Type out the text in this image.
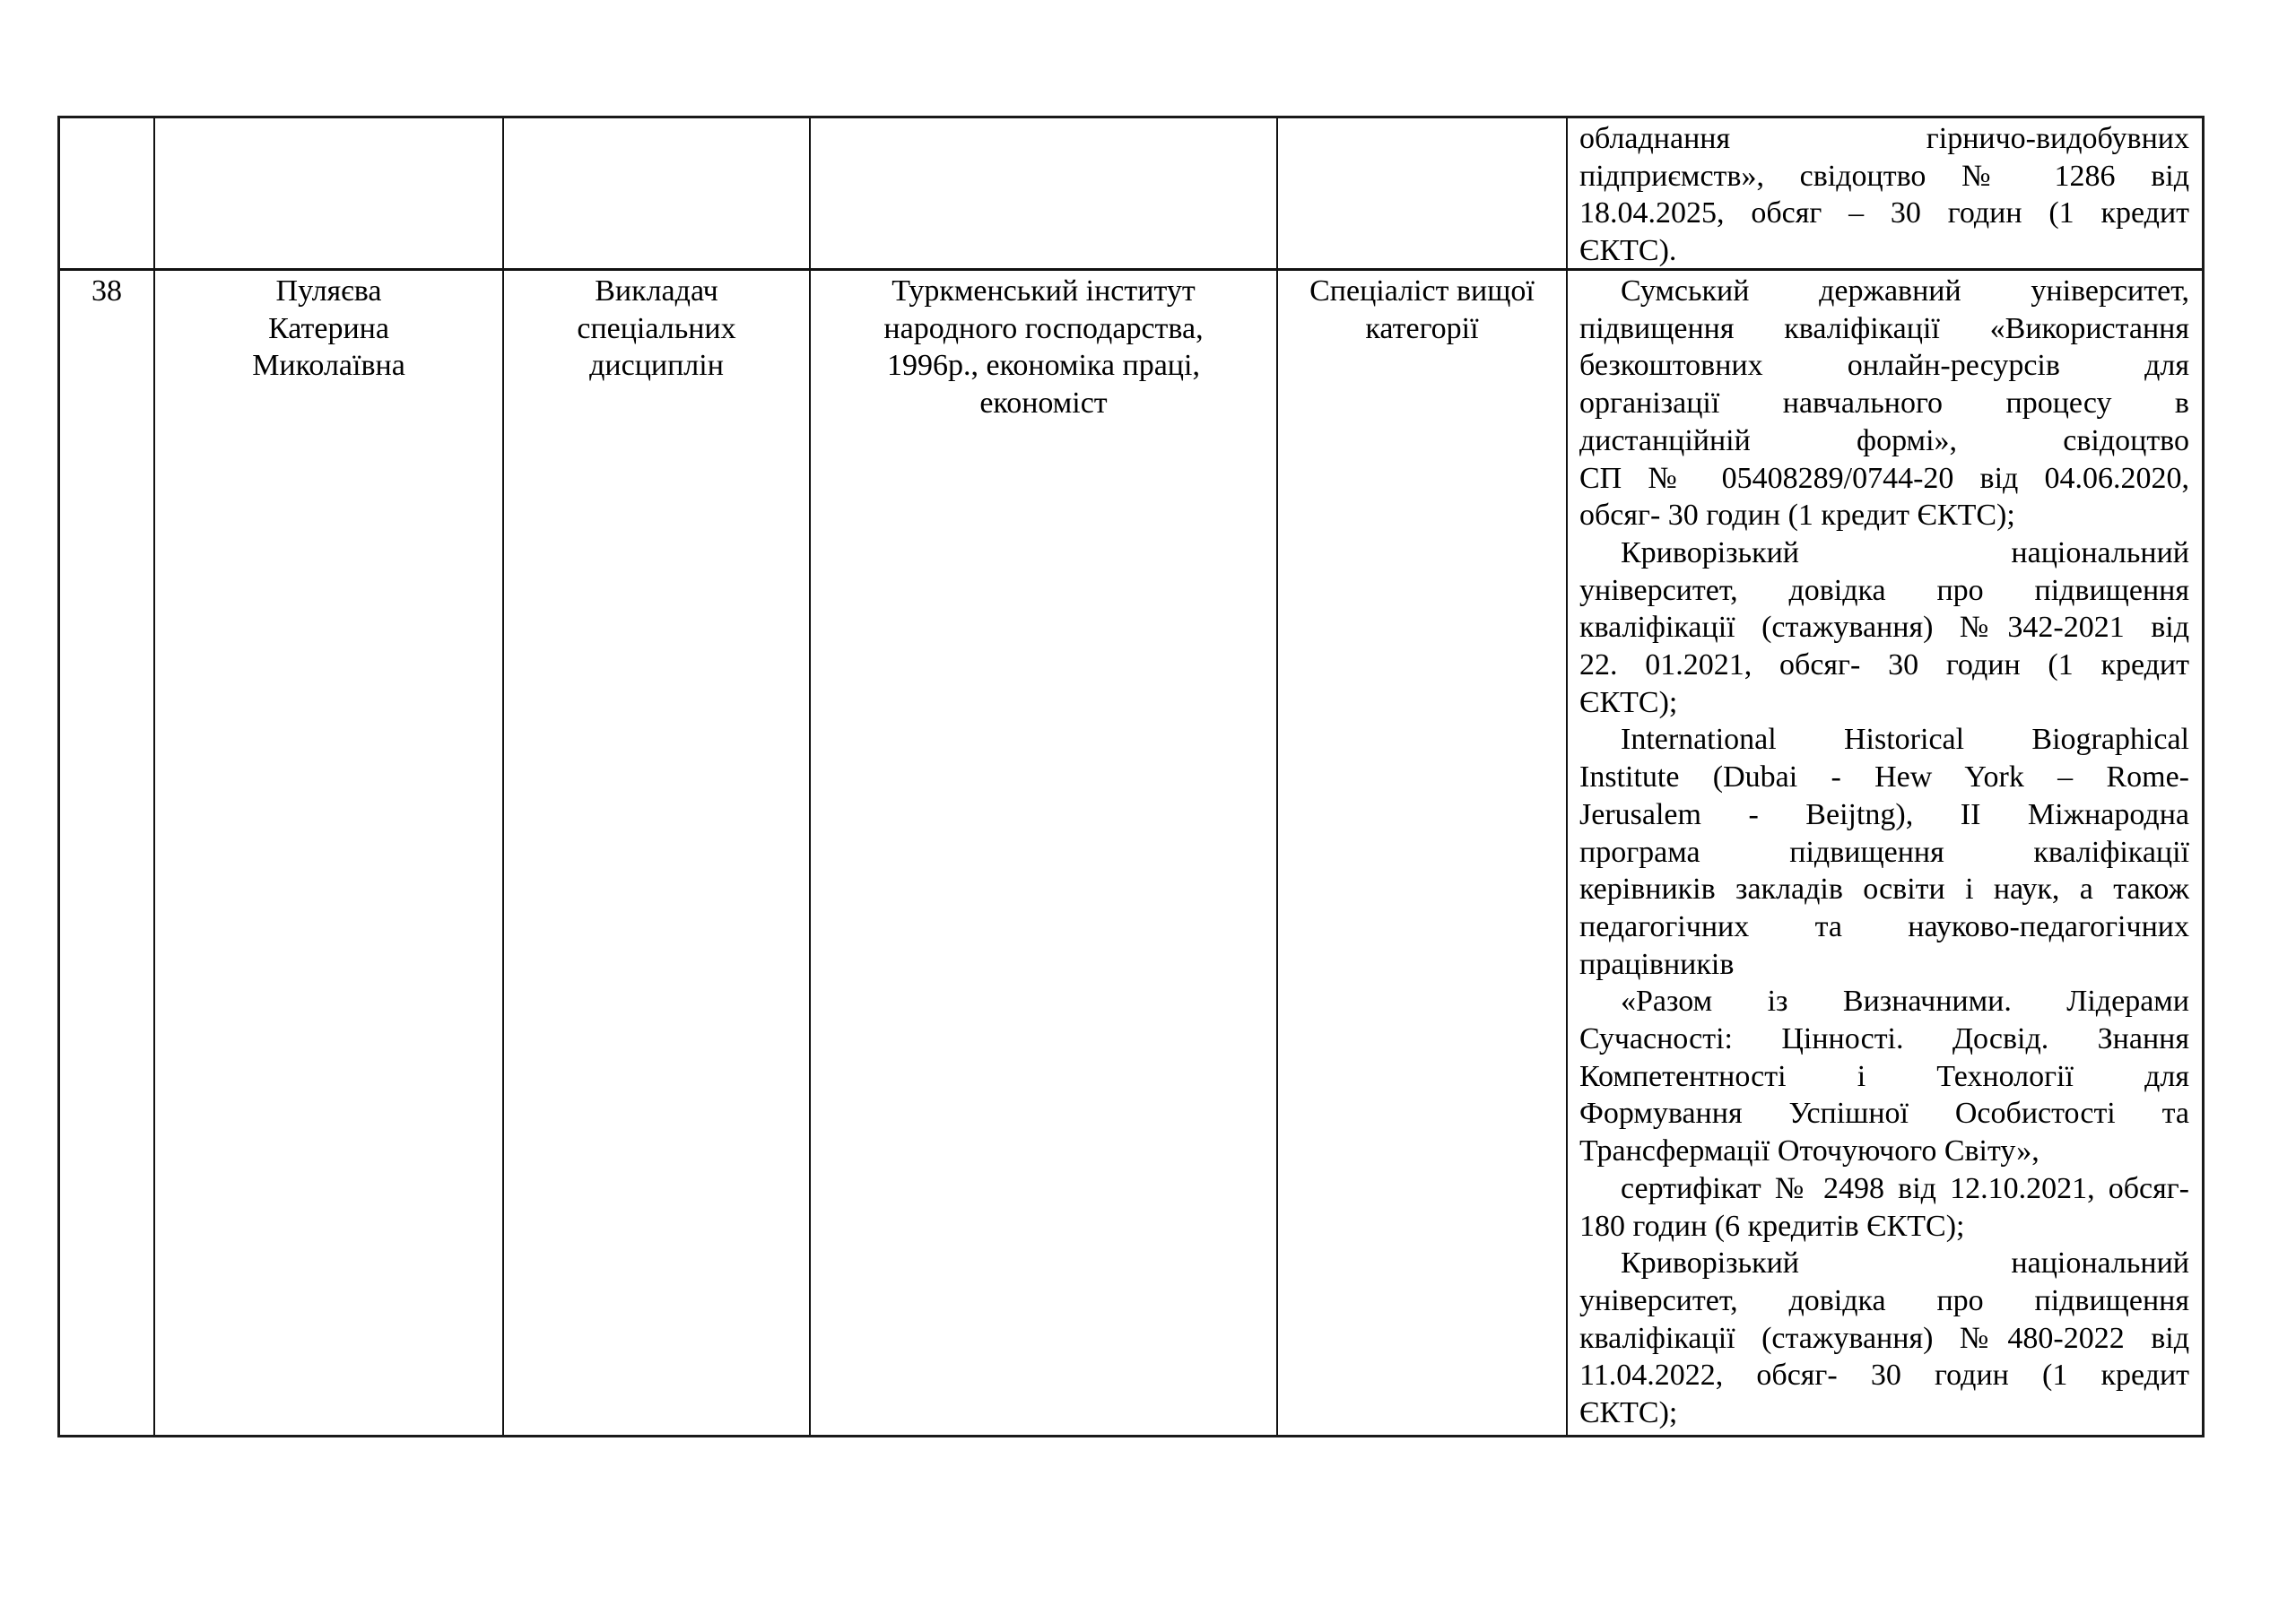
обладнання гірничо-видобувних
підприємств», свідоцтво № 1286 від
18.04.2025, обсяг – 30 годин (1 кредит
ЄКТС).
38	Пуляєва
Катерина
Миколаївна
Викладач
спеціальних
дисциплін
Туркменський інститут
народного господарства,
1996р., економіка праці,
економіст
Спеціаліст вищої
категорії
Сумський державний університет,
підвищення кваліфікації «Використання
безкоштовних онлайн-ресурсів для
організації навчального процесу в
дистанційній формі», свідоцтво
СП № 05408289/0744-20 від 04.06.2020,
обсяг- 30 годин (1 кредит ЄКТС);
Криворізький національний
університет, довідка про підвищення
кваліфікації (стажування) №342-2021 від
22. 01.2021, обсяг- 30 годин (1 кредит
ЄКТС);
International Historical Biographical
Institute (Dubai - Hew York – Rome-
Jerusalem - Beijtng), ІІ Міжнародна
програма підвищення кваліфікації
керівників закладів освіти і наук, а також
педагогічних та науково-педагогічних
працівників
«Разом із Визначними. Лідерами
Сучасності: Цінності. Досвід. Знання
Компетентності і Технології для
Формування Успішної Особистості та
Трансфермації Оточуючого Світу»,
сертифікат № 2498 від 12.10.2021, обсяг-
180 годин (6 кредитів ЄКТС);
Криворізький національний
університет, довідка про підвищення
кваліфікації (стажування) №480-2022 від
11.04.2022, обсяг- 30 годин (1 кредит
ЄКТС);
